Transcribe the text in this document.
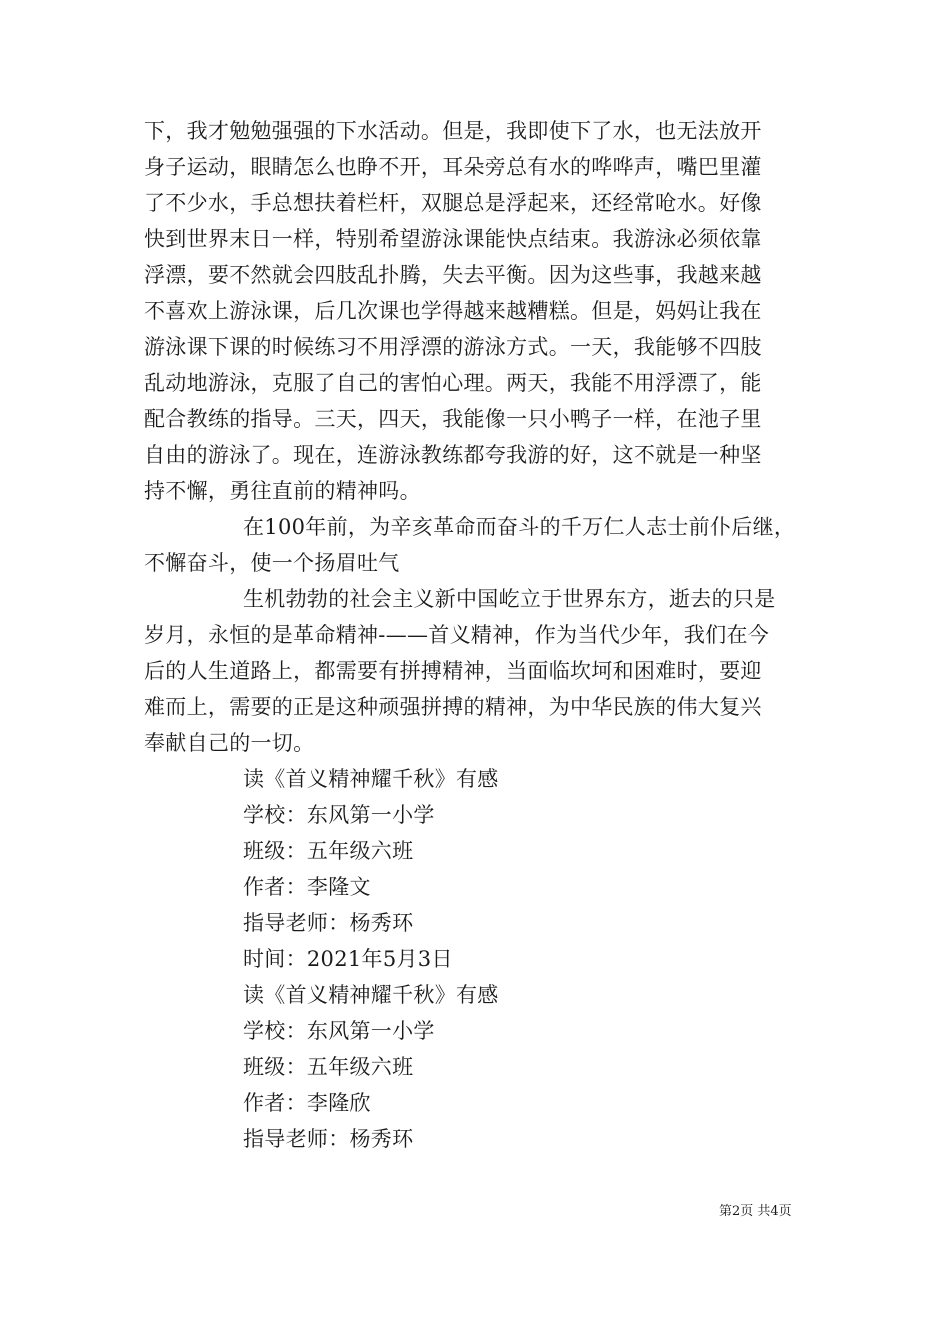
下，我才勉勉强强的下水活动。但是，我即使下了水，也无法放开
身子运动，眼睛怎么也睁不开，耳朵旁总有水的哗哗声，嘴巴里灌
了不少水，手总想扶着栏杆，双腿总是浮起来，还经常呛水。好像
快到世界末日一样，特别希望游泳课能快点结束。我游泳必须依靠
浮漂，要不然就会四肢乱扑腾，失去平衡。因为这些事，我越来越
不喜欢上游泳课，后几次课也学得越来越糟糕。但是，妈妈让我在
游泳课下课的时候练习不用浮漂的游泳方式。一天，我能够不四肢
乱动地游泳，克服了自己的害怕心理。两天，我能不用浮漂了，能
配合教练的指导。三天，四天，我能像一只小鸭子一样，在池子里
自由的游泳了。现在，连游泳教练都夸我游的好，这不就是一种坚
持不懈，勇往直前的精神吗。
在100年前，为辛亥革命而奋斗的千万仁人志士前仆后继，
不懈奋斗，使一个扬眉吐气
生机勃勃的社会主义新中国屹立于世界东方，逝去的只是
岁月，永恒的是革命精神-——首义精神，作为当代少年，我们在今
后的人生道路上，都需要有拼搏精神，当面临坎坷和困难时，要迎
难而上，需要的正是这种顽强拼搏的精神，为中华民族的伟大复兴
奉献自己的一切。
读《首义精神耀千秋》有感
学校：东风第一小学
班级：五年级六班
作者：李隆文
指导老师：杨秀环
时间：2021年5月3日
读《首义精神耀千秋》有感
学校：东风第一小学
班级：五年级六班
作者：李隆欣
指导老师：杨秀环
第2页 共4页
